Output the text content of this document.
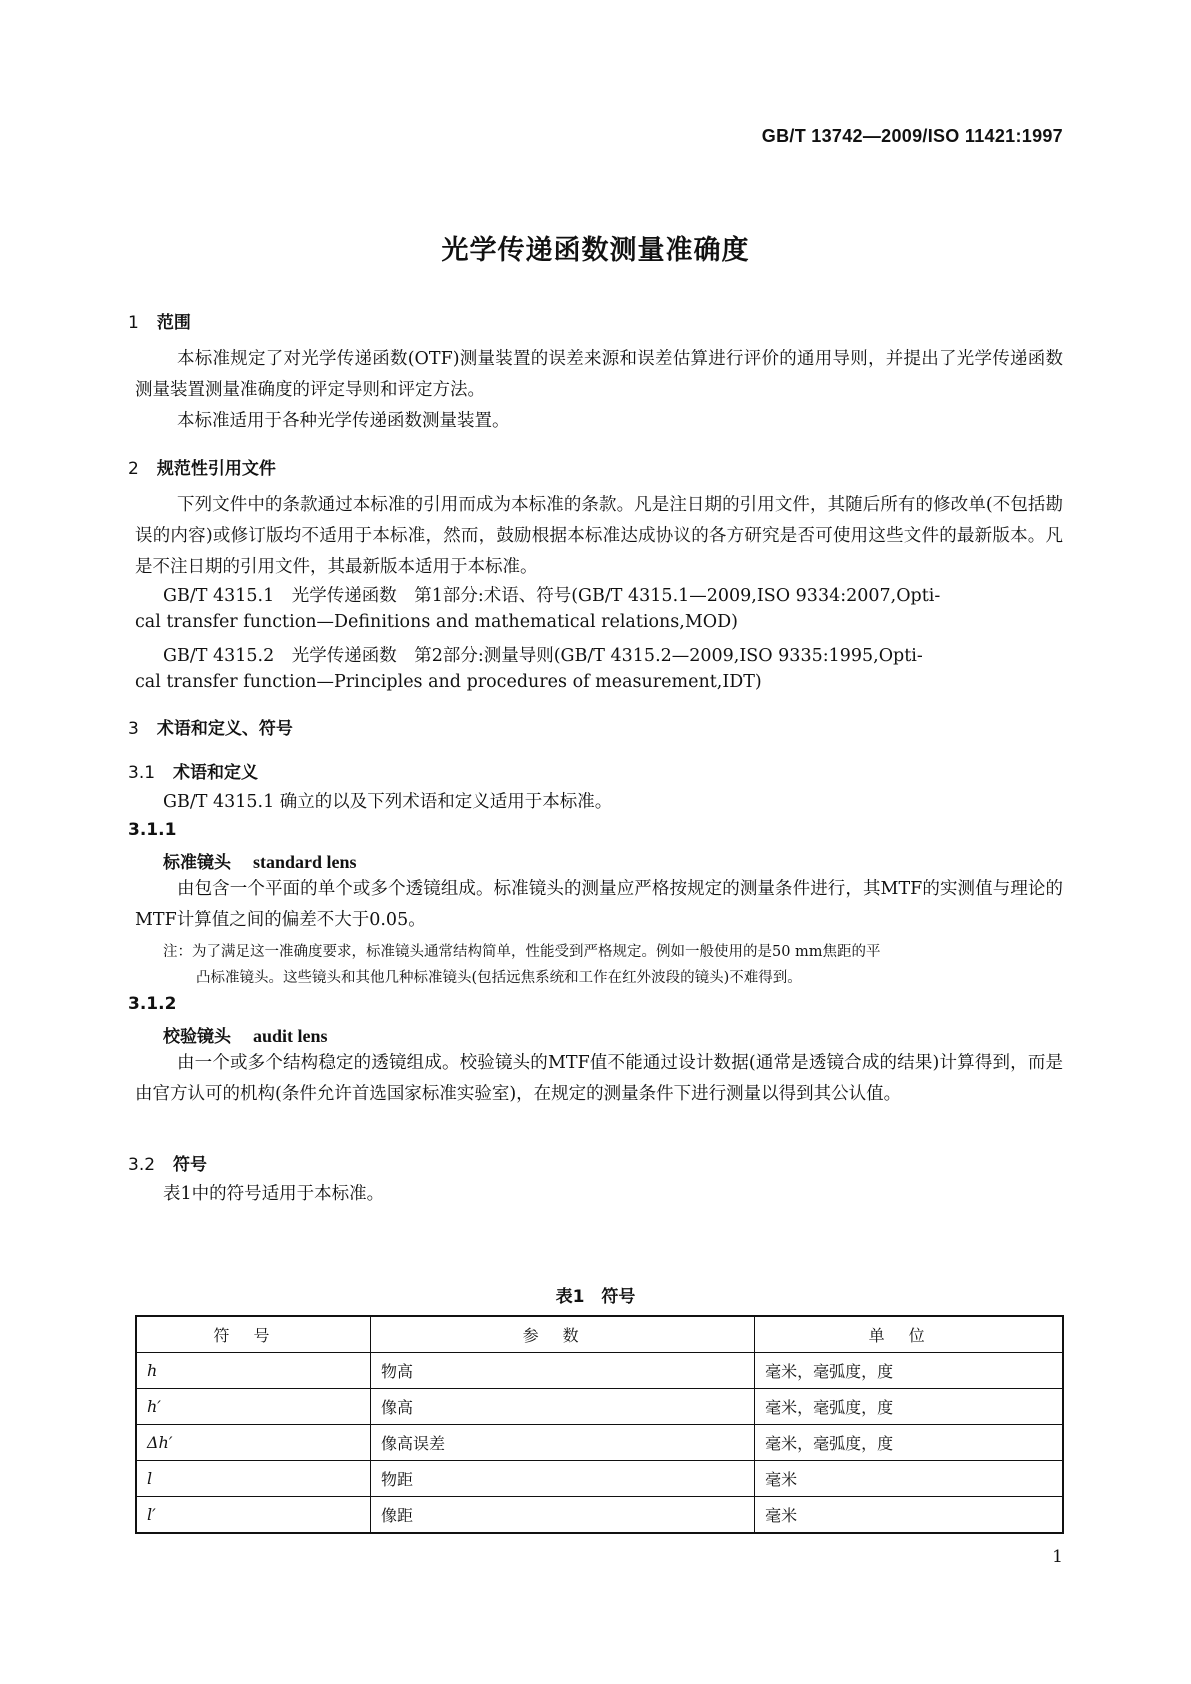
GB/T 13742—2009/ISO 11421:1997
光学传递函数测量准确度
1 范围
本标准规定了对光学传递函数(OTF)测量装置的误差来源和误差估算进行评价的通用导则，并提出了光学传递函数测量装置测量准确度的评定导则和评定方法。
本标准适用于各种光学传递函数测量装置。
2 规范性引用文件
下列文件中的条款通过本标准的引用而成为本标准的条款。凡是注日期的引用文件，其随后所有的修改单(不包括勘误的内容)或修订版均不适用于本标准，然而，鼓励根据本标准达成协议的各方研究是否可使用这些文件的最新版本。凡是不注日期的引用文件，其最新版本适用于本标准。
GB/T 4315.1　光学传递函数　第1部分:术语、符号(GB/T 4315.1—2009,ISO 9334:2007,Opti-
cal transfer function—Definitions and mathematical relations,MOD)
GB/T 4315.2　光学传递函数　第2部分:测量导则(GB/T 4315.2—2009,ISO 9335:1995,Opti-
cal transfer function—Principles and procedures of measurement,IDT)
3 术语和定义、符号
3.1 术语和定义
GB/T 4315.1 确立的以及下列术语和定义适用于本标准。
3.1.1
标准镜头 standard lens
由包含一个平面的单个或多个透镜组成。标准镜头的测量应严格按规定的测量条件进行，其MTF的实测值与理论的MTF计算值之间的偏差不大于0.05。
注：为了满足这一准确度要求，标准镜头通常结构简单，性能受到严格规定。例如一般使用的是50 mm焦距的平
凸标准镜头。这些镜头和其他几种标准镜头(包括远焦系统和工作在红外波段的镜头)不难得到。
3.1.2
校验镜头 audit lens
由一个或多个结构稳定的透镜组成。校验镜头的MTF值不能通过设计数据(通常是透镜合成的结果)计算得到，而是由官方认可的机构(条件允许首选国家标准实验室)，在规定的测量条件下进行测量以得到其公认值。
3.2 符号
表1中的符号适用于本标准。
表1　符号
符号	参数	单位
h	物高	毫米，毫弧度，度
h′	像高	毫米，毫弧度，度
Δh′	像高误差	毫米，毫弧度，度
l	物距	毫米
l′	像距	毫米
1
